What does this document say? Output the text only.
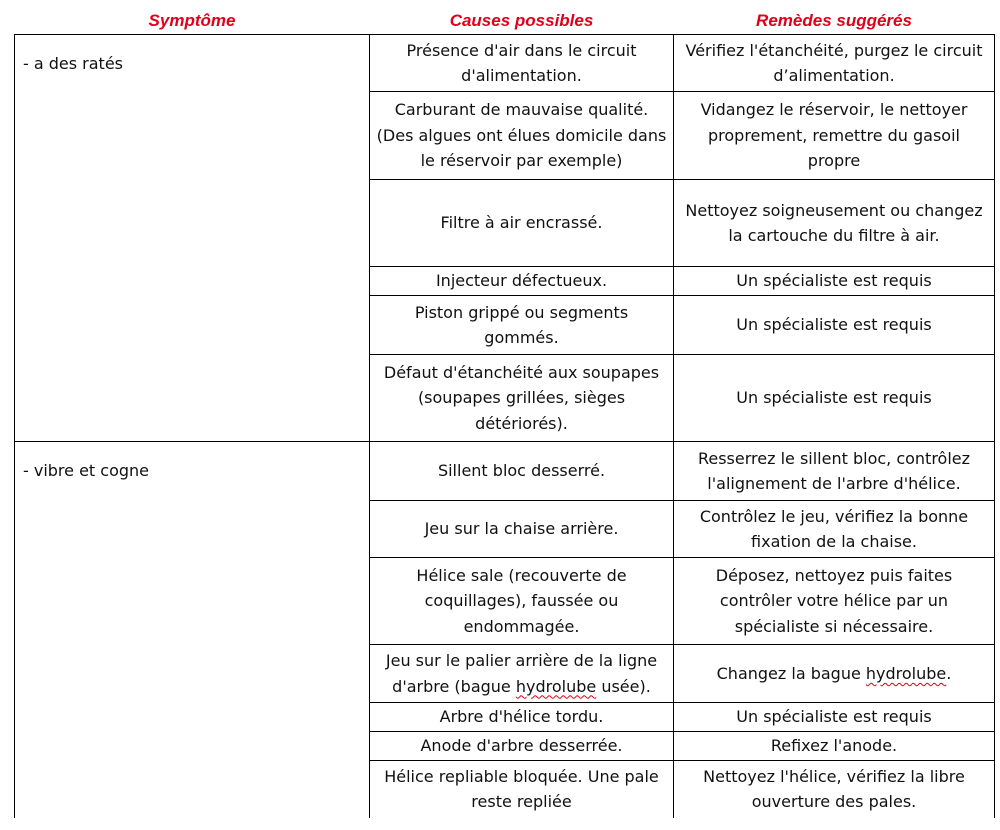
Symptôme	Causes possibles	Remèdes suggérés
- a des ratés	Présence d'air dans le circuit d'alimentation.	Vérifiez l'étanchéité, purgez le circuit d’alimentation.
	Carburant de mauvaise qualité. (Des algues ont élues domicile dans le réservoir par exemple)	Vidangez le réservoir, le nettoyer proprement, remettre du gasoil propre
	Filtre à air encrassé.	Nettoyez soigneusement ou changez la cartouche du filtre à air.
	Injecteur défectueux.	Un spécialiste est requis
	Piston grippé ou segments gommés.	Un spécialiste est requis
	Défaut d'étanchéité aux soupapes (soupapes grillées, sièges détériorés).	Un spécialiste est requis
- vibre et cogne	Sillent bloc desserré.	Resserrez le sillent bloc, contrôlez l'alignement de l'arbre d'hélice.
	Jeu sur la chaise arrière.	Contrôlez le jeu, vérifiez la bonne fixation de la chaise.
	Hélice sale (recouverte de coquillages), faussée ou endommagée.	Déposez, nettoyez puis faites contrôler votre hélice par un spécialiste si nécessaire.
	Jeu sur le palier arrière de la ligne d'arbre (bague hydrolube usée).	Changez la bague hydrolube.
	Arbre d'hélice tordu.	Un spécialiste est requis
	Anode d'arbre desserrée.	Refixez l'anode.
	Hélice repliable bloquée. Une pale reste repliée	Nettoyez l'hélice, vérifiez la libre ouverture des pales.
